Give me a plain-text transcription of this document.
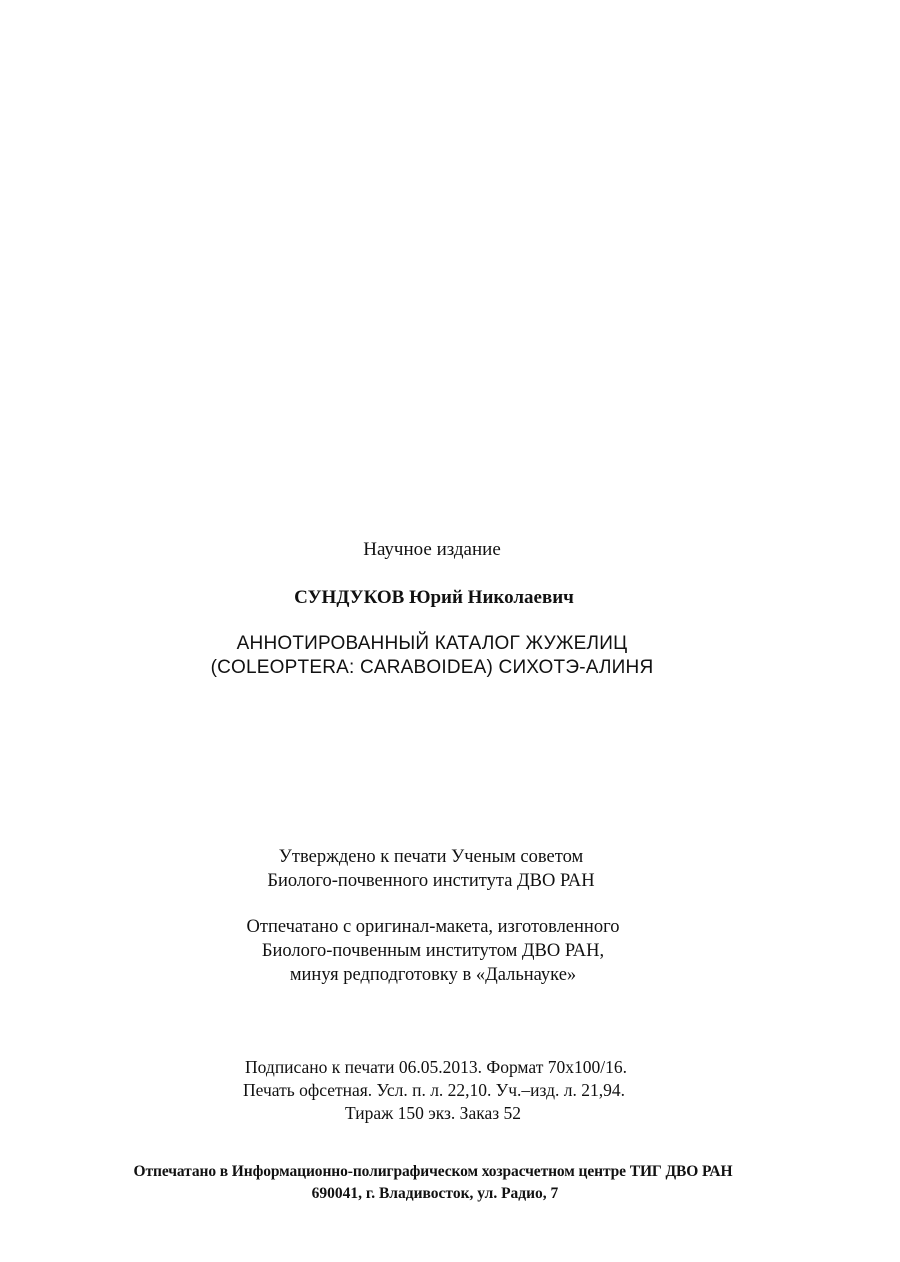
Научное издание
СУНДУКОВ Юрий Николаевич
АННОТИРОВАННЫЙ КАТАЛОГ ЖУЖЕЛИЦ
(COLEOPTERA: CARABOIDEA) СИХОТЭ-АЛИНЯ
Утверждено к печати Ученым советом
Биолого-почвенного института ДВО РАН
Отпечатано с оригинал-макета, изготовленного
Биолого-почвенным институтом ДВО РАН,
минуя редподготовку в «Дальнауке»
Подписано к печати 06.05.2013. Формат 70x100/16.
Печать офсетная. Усл. п. л. 22,10. Уч.–изд. л. 21,94.
Тираж 150 экз. Заказ 52
Отпечатано в Информационно-полиграфическом хозрасчетном центре ТИГ ДВО РАН
690041, г. Владивосток, ул. Радио, 7
